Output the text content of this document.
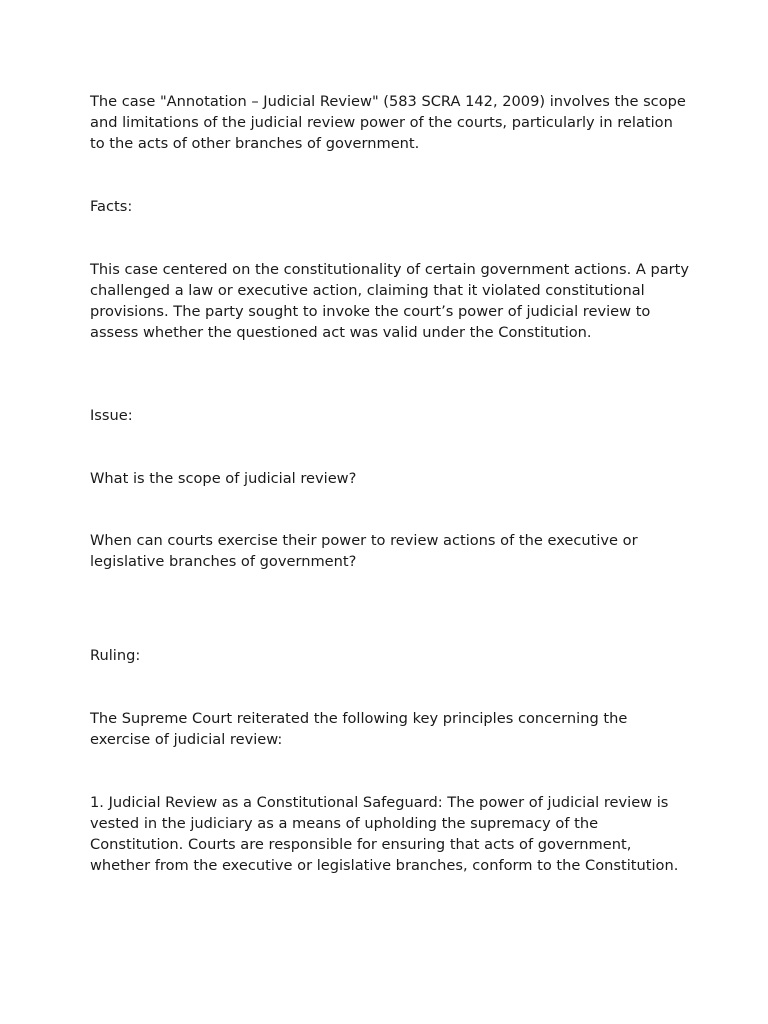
The case "Annotation – Judicial Review" (583 SCRA 142, 2009) involves the scope and limitations of the judicial review power of the courts, particularly in relation to the acts of other branches of government.

Facts:

This case centered on the constitutionality of certain government actions. A party challenged a law or executive action, claiming that it violated constitutional provisions. The party sought to invoke the court’s power of judicial review to assess whether the questioned act was valid under the Constitution.

Issue:

What is the scope of judicial review?

When can courts exercise their power to review actions of the executive or legislative branches of government?

Ruling:

The Supreme Court reiterated the following key principles concerning the exercise of judicial review:

1. Judicial Review as a Constitutional Safeguard: The power of judicial review is vested in the judiciary as a means of upholding the supremacy of the Constitution. Courts are responsible for ensuring that acts of government, whether from the executive or legislative branches, conform to the Constitution.
